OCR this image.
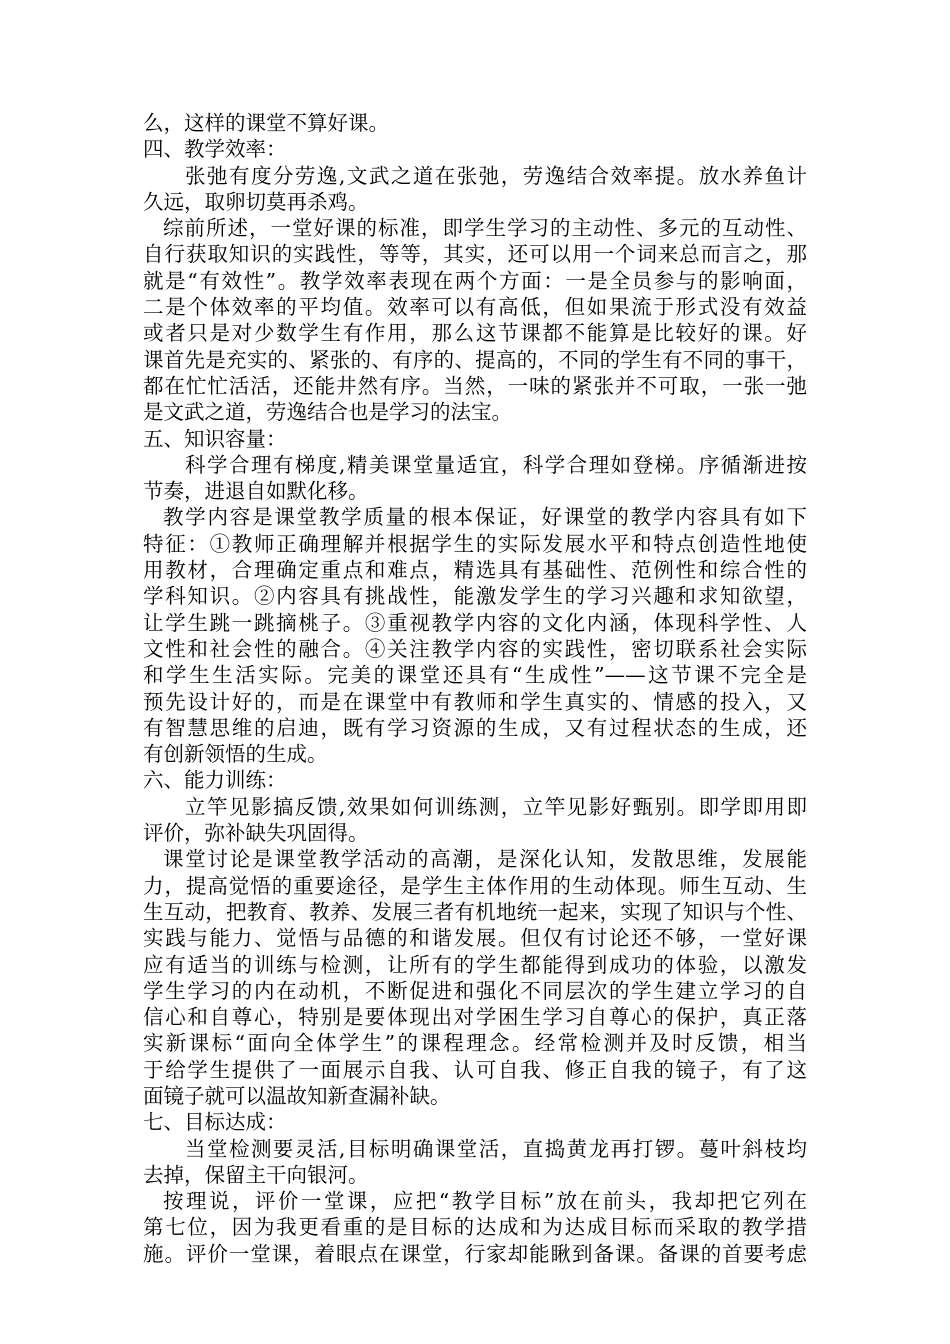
么，这样的课堂不算好课。
四、教学效率：
张弛有度分劳逸,文武之道在张弛，劳逸结合效率提。放水养鱼计
久远，取卵切莫再杀鸡。
综前所述，一堂好课的标准，即学生学习的主动性、多元的互动性、
自行获取知识的实践性，等等，其实，还可以用一个词来总而言之，那
就是“有效性”。教学效率表现在两个方面：一是全员参与的影响面，
二是个体效率的平均值。效率可以有高低，但如果流于形式没有效益
或者只是对少数学生有作用，那么这节课都不能算是比较好的课。好
课首先是充实的、紧张的、有序的、提高的，不同的学生有不同的事干，
都在忙忙活活，还能井然有序。当然，一味的紧张并不可取，一张一弛
是文武之道，劳逸结合也是学习的法宝。
五、知识容量：
科学合理有梯度,精美课堂量适宜，科学合理如登梯。序循渐进按
节奏，进退自如默化移。
教学内容是课堂教学质量的根本保证，好课堂的教学内容具有如下
特征：①教师正确理解并根据学生的实际发展水平和特点创造性地使
用教材，合理确定重点和难点，精选具有基础性、范例性和综合性的
学科知识。②内容具有挑战性，能激发学生的学习兴趣和求知欲望，
让学生跳一跳摘桃子。③重视教学内容的文化内涵，体现科学性、人
文性和社会性的融合。④关注教学内容的实践性，密切联系社会实际
和学生生活实际。完美的课堂还具有“生成性”——这节课不完全是
预先设计好的，而是在课堂中有教师和学生真实的、情感的投入，又
有智慧思维的启迪，既有学习资源的生成，又有过程状态的生成，还
有创新领悟的生成。
六、能力训练：
立竿见影搞反馈,效果如何训练测，立竿见影好甄别。即学即用即
评价，弥补缺失巩固得。
课堂讨论是课堂教学活动的高潮，是深化认知，发散思维，发展能
力，提高觉悟的重要途径，是学生主体作用的生动体现。师生互动、生
生互动，把教育、教养、发展三者有机地统一起来，实现了知识与个性、
实践与能力、觉悟与品德的和谐发展。但仅有讨论还不够，一堂好课
应有适当的训练与检测，让所有的学生都能得到成功的体验，以激发
学生学习的内在动机，不断促进和强化不同层次的学生建立学习的自
信心和自尊心，特别是要体现出对学困生学习自尊心的保护，真正落
实新课标“面向全体学生”的课程理念。经常检测并及时反馈，相当
于给学生提供了一面展示自我、认可自我、修正自我的镜子，有了这
面镜子就可以温故知新查漏补缺。
七、目标达成：
当堂检测要灵活,目标明确课堂活，直捣黄龙再打锣。蔓叶斜枝均
去掉，保留主干向银河。
按理说，评价一堂课，应把“教学目标”放在前头，我却把它列在
第七位，因为我更看重的是目标的达成和为达成目标而采取的教学措
施。评价一堂课，着眼点在课堂，行家却能瞅到备课。备课的首要考虑
